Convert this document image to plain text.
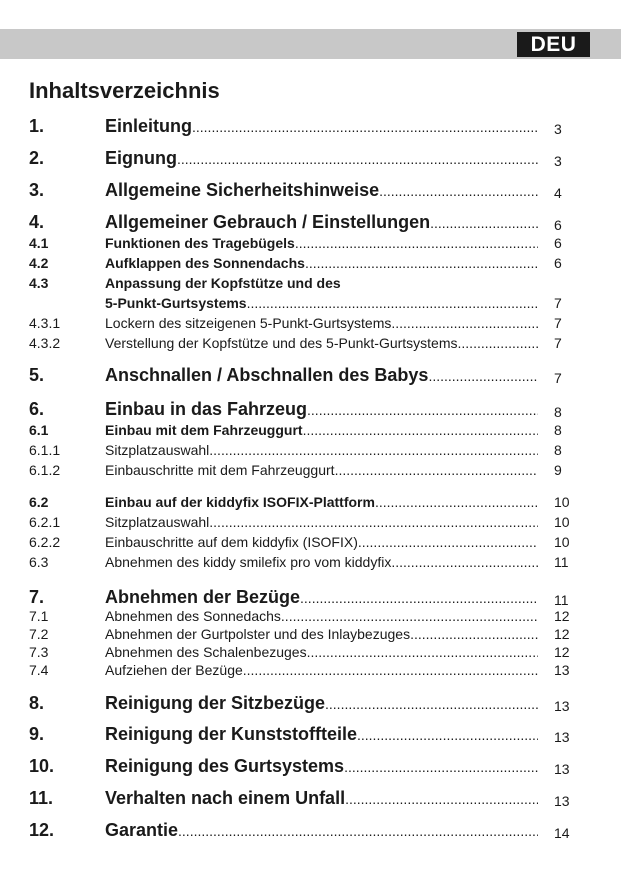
DEU
Inhaltsverzeichnis
1.	Einleitung .....	3
2.	Eignung .....	3
3.	Allgemeine Sicherheitshinweise .....	4
4.	Allgemeiner Gebrauch / Einstellungen .....	6
4.1	Funktionen des Tragebügels .....	6
4.2	Aufklappen des Sonnendachs .....	6
4.3	Anpassung der Kopfstütze und des
5-Punkt-Gurtsystems .....	7
4.3.1	Lockern des sitzeigenen 5-Punkt-Gurtsystems .....	7
4.3.2	Verstellung der Kopfstütze und des 5-Punkt-Gurtsystems .....	7
5.	Anschnallen / Abschnallen des Babys .....	7
6.	Einbau in das Fahrzeug .....	8
6.1	Einbau mit dem Fahrzeuggurt .....	8
6.1.1	Sitzplatzauswahl .....	8
6.1.2	Einbauschritte mit dem Fahrzeuggurt .....	9
6.2	Einbau auf der kiddyfix ISOFIX-Plattform .....	10
6.2.1	Sitzplatzauswahl .....	10
6.2.2	Einbauschritte auf dem kiddyfix (ISOFIX) .....	10
6.3	Abnehmen des kiddy smilefix pro vom kiddyfix .....	11
7.	Abnehmen der Bezüge .....	11
7.1	Abnehmen des Sonnedachs .....	12
7.2	Abnehmen der Gurtpolster und des Inlaybezuges .....	12
7.3	Abnehmen des Schalenbezuges .....	12
7.4	Aufziehen der Bezüge .....	13
8.	Reinigung der Sitzbezüge .....	13
9.	Reinigung der Kunststoffteile .....	13
10.	Reinigung des Gurtsystems .....	13
11.	Verhalten nach einem Unfall .....	13
12.	Garantie .....	14
